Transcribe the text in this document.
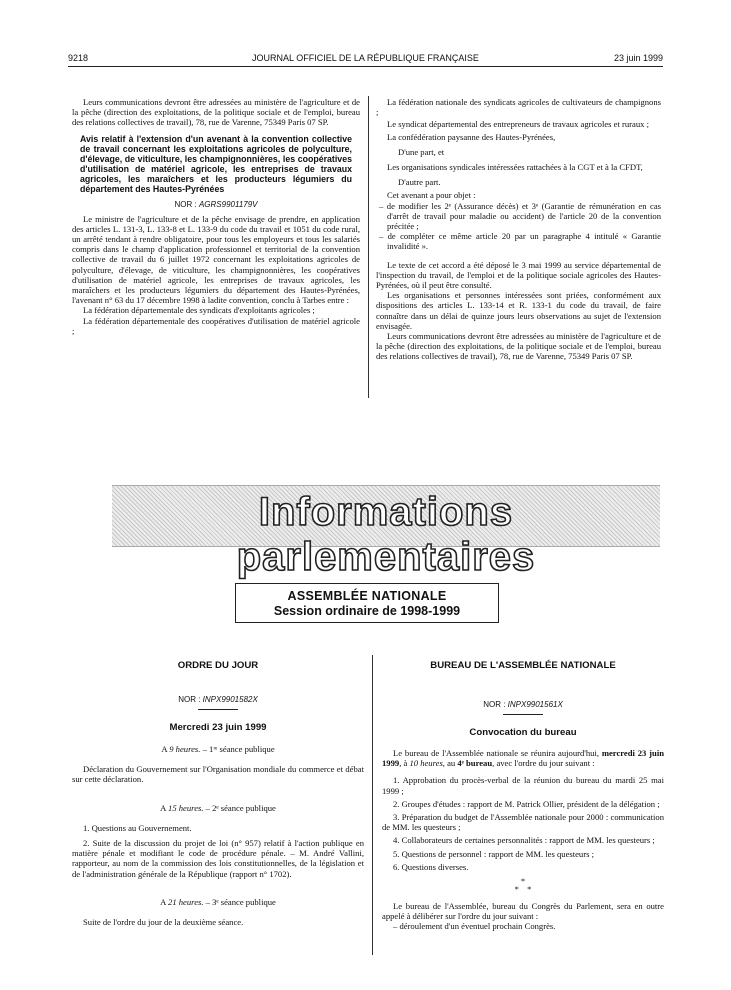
9218	JOURNAL OFFICIEL DE LA RÉPUBLIQUE FRANÇAISE	23 juin 1999

Leurs communications devront être adressées au ministère de l'agriculture et de la pêche (direction des exploitations, de la politique sociale et de l'emploi, bureau des relations collectives de travail), 78, rue de Varenne, 75349 Paris 07 SP.

Avis relatif à l'extension d'un avenant à la convention collective de travail concernant les exploitations agricoles de polyculture, d'élevage, de viticulture, les champignonnières, les coopératives d'utilisation de matériel agricole, les entreprises de travaux agricoles, les maraîchers et les producteurs légumiers du département des Hautes-Pyrénées

NOR : AGRS9901179V

Le ministre de l'agriculture et de la pêche envisage de prendre, en application des articles L. 131-3, L. 133-8 et L. 133-9 du code du travail et 1051 du code rural, un arrêté tendant à rendre obligatoire, pour tous les employeurs et tous les salariés compris dans le champ d'application professionnel et territorial de la convention collective de travail du 6 juillet 1972 concernant les exploitations agricoles de polyculture, d'élevage, de viticulture, les champignonnières, les coopératives d'utilisation de matériel agricole, les entreprises de travaux agricoles, les maraîchers et les producteurs légumiers du département des Hautes-Pyrénées, l'avenant n° 63 du 17 décembre 1998 à ladite convention, conclu à Tarbes entre :

La fédération départementale des syndicats d'exploitants agricoles ;

La fédération départementale des coopératives d'utilisation de matériel agricole ;

La fédération nationale des syndicats agricoles de cultivateurs de champignons ;

Le syndicat départemental des entrepreneurs de travaux agricoles et ruraux ;

La confédération paysanne des Hautes-Pyrénées,

D'une part, et

Les organisations syndicales intéressées rattachées à la CGT et à la CFDT,

D'autre part.

Cet avenant a pour objet :

– de modifier les 2ᵉ (Assurance décès) et 3ᵉ (Garantie de rémunération en cas d'arrêt de travail pour maladie ou accident) de l'article 20 de la convention précitée ;

– de compléter ce même article 20 par un paragraphe 4 intitulé « Garantie invalidité ».

Le texte de cet accord a été déposé le 3 mai 1999 au service départemental de l'inspection du travail, de l'emploi et de la politique sociale agricoles des Hautes-Pyrénées, où il peut être consulté.

Les organisations et personnes intéressées sont priées, conformément aux dispositions des articles L. 133-14 et R. 133-1 du code du travail, de faire connaître dans un délai de quinze jours leurs observations au sujet de l'extension envisagée.

Leurs communications devront être adressées au ministère de l'agriculture et de la pêche (direction des exploitations, de la politique sociale et de l'emploi, bureau des relations collectives de travail), 78, rue de Varenne, 75349 Paris 07 SP.

Informations parlementaires
ASSEMBLÉE NATIONALE
Session ordinaire de 1998-1999

ORDRE DU JOUR

NOR : INPX9901582X

Mercredi 23 juin 1999

A 9 heures. – 1ʳᵉ séance publique

Déclaration du Gouvernement sur l'Organisation mondiale du commerce et débat sur cette déclaration.

A 15 heures. – 2ᵉ séance publique

1. Questions au Gouvernement.

2. Suite de la discussion du projet de loi (n° 957) relatif à l'action publique en matière pénale et modifiant le code de procédure pénale. – M. André Vallini, rapporteur, au nom de la commission des lois constitutionnelles, de la législation et de l'administration générale de la République (rapport n° 1702).

A 21 heures. – 3ᵉ séance publique

Suite de l'ordre du jour de la deuxième séance.

BUREAU DE L'ASSEMBLÉE NATIONALE

NOR : INPX9901561X

Convocation du bureau

Le bureau de l'Assemblée nationale se réunira aujourd'hui, mercredi 23 juin 1999, à 10 heures, au 4ᵉ bureau, avec l'ordre du jour suivant :

1. Approbation du procès-verbal de la réunion du bureau du mardi 25 mai 1999 ;

2. Groupes d'études : rapport de M. Patrick Ollier, président de la délégation ;

3. Préparation du budget de l'Assemblée nationale pour 2000 : communication de MM. les questeurs ;

4. Collaborateurs de certaines personnalités : rapport de MM. les questeurs ;

5. Questions de personnel : rapport de MM. les questeurs ;

6. Questions diverses.

*

* *

Le bureau de l'Assemblée, bureau du Congrès du Parlement, sera en outre appelé à délibérer sur l'ordre du jour suivant :

– déroulement d'un éventuel prochain Congrès.
